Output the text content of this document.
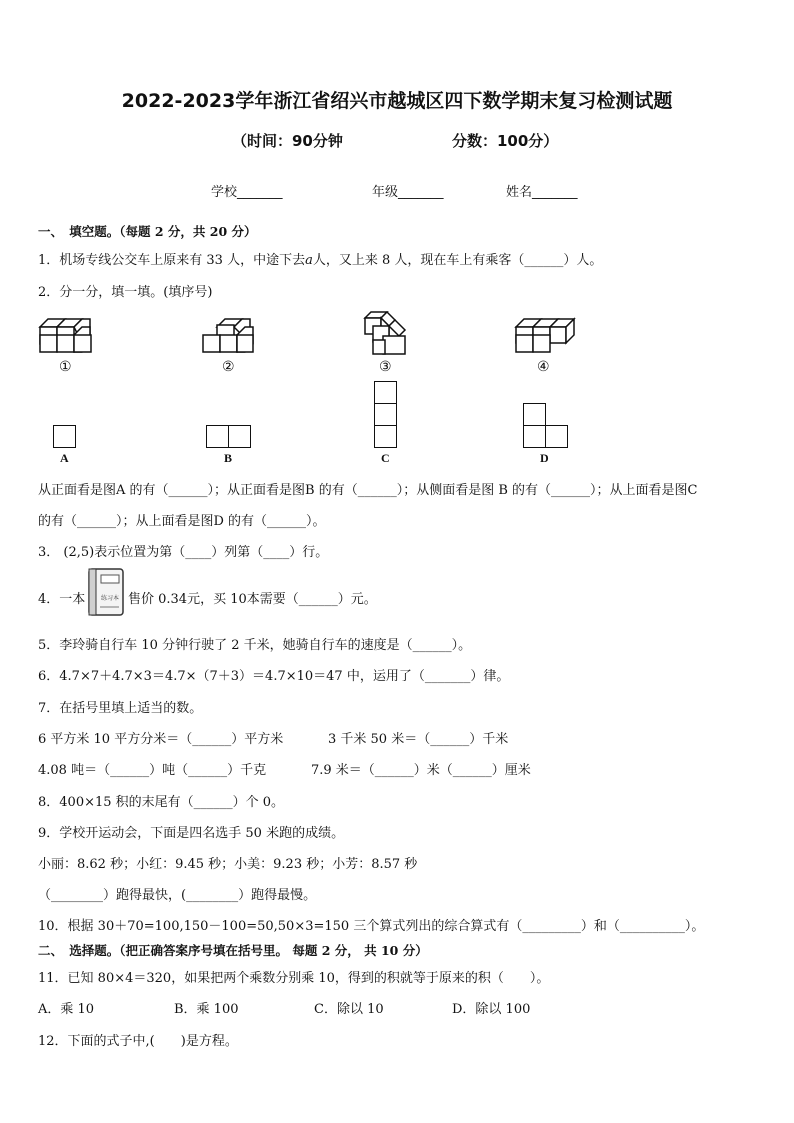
2022-2023学年浙江省绍兴市越城区四下数学期末复习检测试题
（时间：90分钟	分数：100分）
学校_______	年级_______	姓名_______
一、　填空题。（每题 2 分，共 20 分）
1．机场专线公交车上原来有 33 人，中途下去𝑎人，又上来 8 人，现在车上有乘客（______）人。
2．分一分，填一填。(填序号)
①	②	③	④
A	B	C	D
从正面看是图A 的有（______）；从正面看是图B 的有（______）；从侧面看是图 B 的有（______）；从上面看是图C
的有（______）；从上面看是图D 的有（______）。
3． (2,5)表示位置为第（____）列第（____）行。
4．一本	练习本 售价 0.34元，买 10本需要（______）元。
5．李玲骑自行车 10 分钟行驶了 2 千米，她骑自行车的速度是（______）。
6．4.7×7＋4.7×3＝4.7×（7＋3）＝4.7×10＝47 中，运用了（_______）律。
7．在括号里填上适当的数。
6 平方米 10 平方分米＝（______）平方米	3 千米 50 米＝（______）千米
4.08 吨＝（______）吨（______）千克	7.9 米＝（______）米（______）厘米
8．400×15 积的末尾有（______）个 0。
9．学校开运动会，下面是四名选手 50 米跑的成绩。
小丽：8.62 秒；小红：9.45 秒；小美：9.23 秒；小芳：8.57 秒
（________）跑得最快，(________）跑得最慢。
10．根据 30＋70=100,150－100=50,50×3=150 三个算式列出的综合算式有（_________）和（__________）。
二、　选择题。（把正确答案序号填在括号里。 每题 2 分， 共 10 分）
11．已知 80×4＝320，如果把两个乘数分别乘 10，得到的积就等于原来的积（　　）。
A．乘 10	B．乘 100	C．除以 10	D．除以 100
12．下面的式子中,(　　)是方程。
